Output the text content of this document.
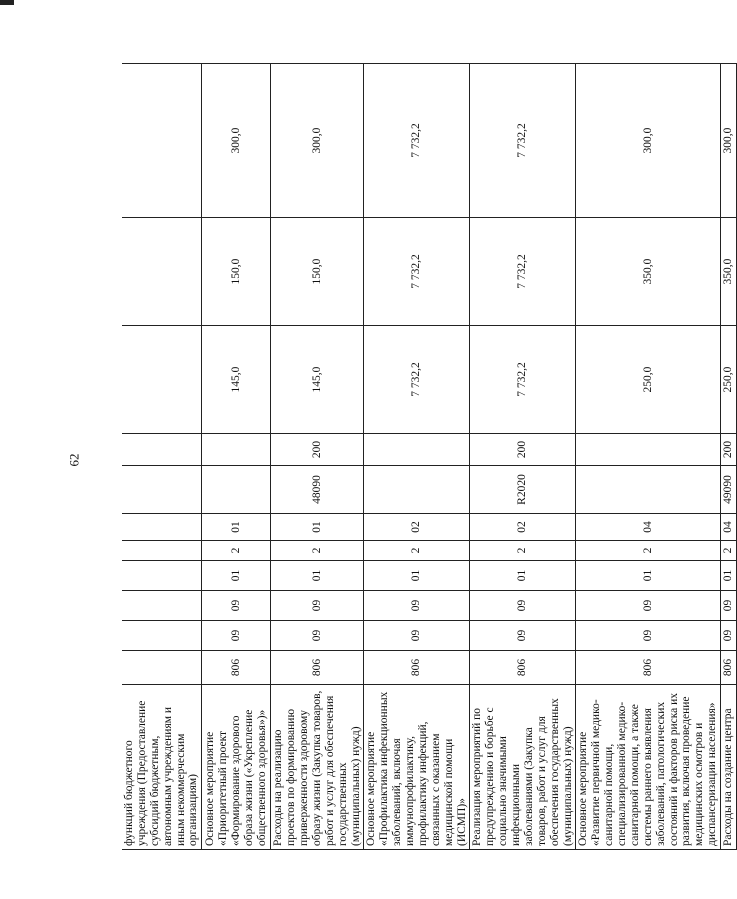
62
функций бюджетного учреждения (Предоставление субсидий бюджетным, автономным учреждениям и иным некоммерческим организациям)											
Основное мероприятие «Приоритетный проект «Формирование здорового образа жизни («Укрепление общественного здоровья»)»	806	09	09	01	2	01			145,0	150,0	300,0
Расходы на реализацию проектов по формированию приверженности здоровому образу жизни (Закупка товаров, работ и услуг для обеспечения государственных (муниципальных) нужд)	806	09	09	01	2	01	48090	200	145,0	150,0	300,0
Основное мероприятие «Профилактика инфекционных заболеваний, включая иммунопрофилактику, профилактику инфекций, связанных с оказанием медицинской помощи (ИСМП)»	806	09	09	01	2	02			7 732,2	7 732,2	7 732,2
Реализация мероприятий по предупреждению и борьбе с социально значимыми инфекционными заболеваниями (Закупка товаров, работ и услуг для обеспечения государственных (муниципальных) нужд)	806	09	09	01	2	02	R2020	200	7 732,2	7 732,2	7 732,2
Основное мероприятие «Развитие первичной медико-санитарной помощи, специализированной медико-санитарной помощи, а также системы раннего выявления заболеваний, патологических состояний и факторов риска их развития, включая проведение медицинских осмотров и диспансеризации населения»	806	09	09	01	2	04			250,0	350,0	300,0
Расходы на создание центра	806	09	09	01	2	04	49090	200	250,0	350,0	300,0
